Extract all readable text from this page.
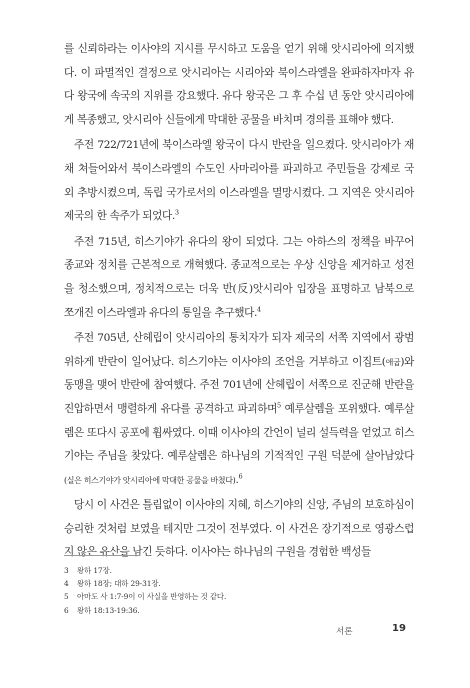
를 신뢰하라는 이사야의 지시를 무시하고 도움을 얻기 위해 앗시리아에 의지했다. 이 파멸적인 결정으로 앗시리아는 시리아와 북이스라엘을 완파하자마자 유다 왕국에 속국의 지위를 강요했다. 유다 왕국은 그 후 수십 년 동안 앗시리아에게 복종했고, 앗시리아 신들에게 막대한 공물을 바치며 경의를 표해야 했다.

주전 722/721년에 북이스라엘 왕국이 다시 반란을 일으켰다. 앗시리아가 재채 쳐들어와서 북이스라엘의 수도인 사마리아를 파괴하고 주민들을 강제로 국외 추방시켰으며, 독립 국가로서의 이스라엘을 멸망시켰다. 그 지역은 앗시리아 제국의 한 속주가 되었다.$^3$

주전 715년, 히스기야가 유다의 왕이 되었다. 그는 아하스의 정책을 바꾸어 종교와 정치를 근본적으로 개혁했다. 종교적으로는 우상 신앙을 제거하고 성전을 청소했으며, 정치적으로는 더욱 반(反)앗시리아 입장을 표명하고 남북으로 쪼개진 이스라엘과 유다의 통일을 추구했다.$^4$

주전 705년, 산헤립이 앗시리아의 통치자가 되자 제국의 서쪽 지역에서 광범위하게 반란이 일어났다. 히스기야는 이사야의 조언을 거부하고 이집트(애굽)와 동맹을 맺어 반란에 참여했다. 주전 701년에 산헤립이 서쪽으로 진군해 반란을 진압하면서 맹렬하게 유다를 공격하고 파괴하며$^5$ 예루살렘을 포위했다. 예루살렘은 또다시 공포에 휩싸였다. 이때 이사야의 간언이 널리 설득력을 얻었고 히스기야는 주님을 찾았다. 예루살렘은 하나님의 기적적인 구원 덕분에 살아남았다(실은 히스기야가 앗시리아에 막대한 공물을 바쳤다).$^6$

당시 이 사건은 틀림없이 이사야의 지혜, 히스기야의 신앙, 주님의 보호하심이 승리한 것처럼 보였을 테지만 그것이 전부였다. 이 사건은 장기적으로 영광스럽지 않은 유산을 남긴 듯하다. 이사야는 하나님의 구원을 경험한 백성들

3	왕하 17장.
4	왕하 18장; 대하 29-31장.
5	아마도 사 1:7-9이 이 사실을 반영하는 것 같다.
6	왕하 18:13-19:36.
서론	19
